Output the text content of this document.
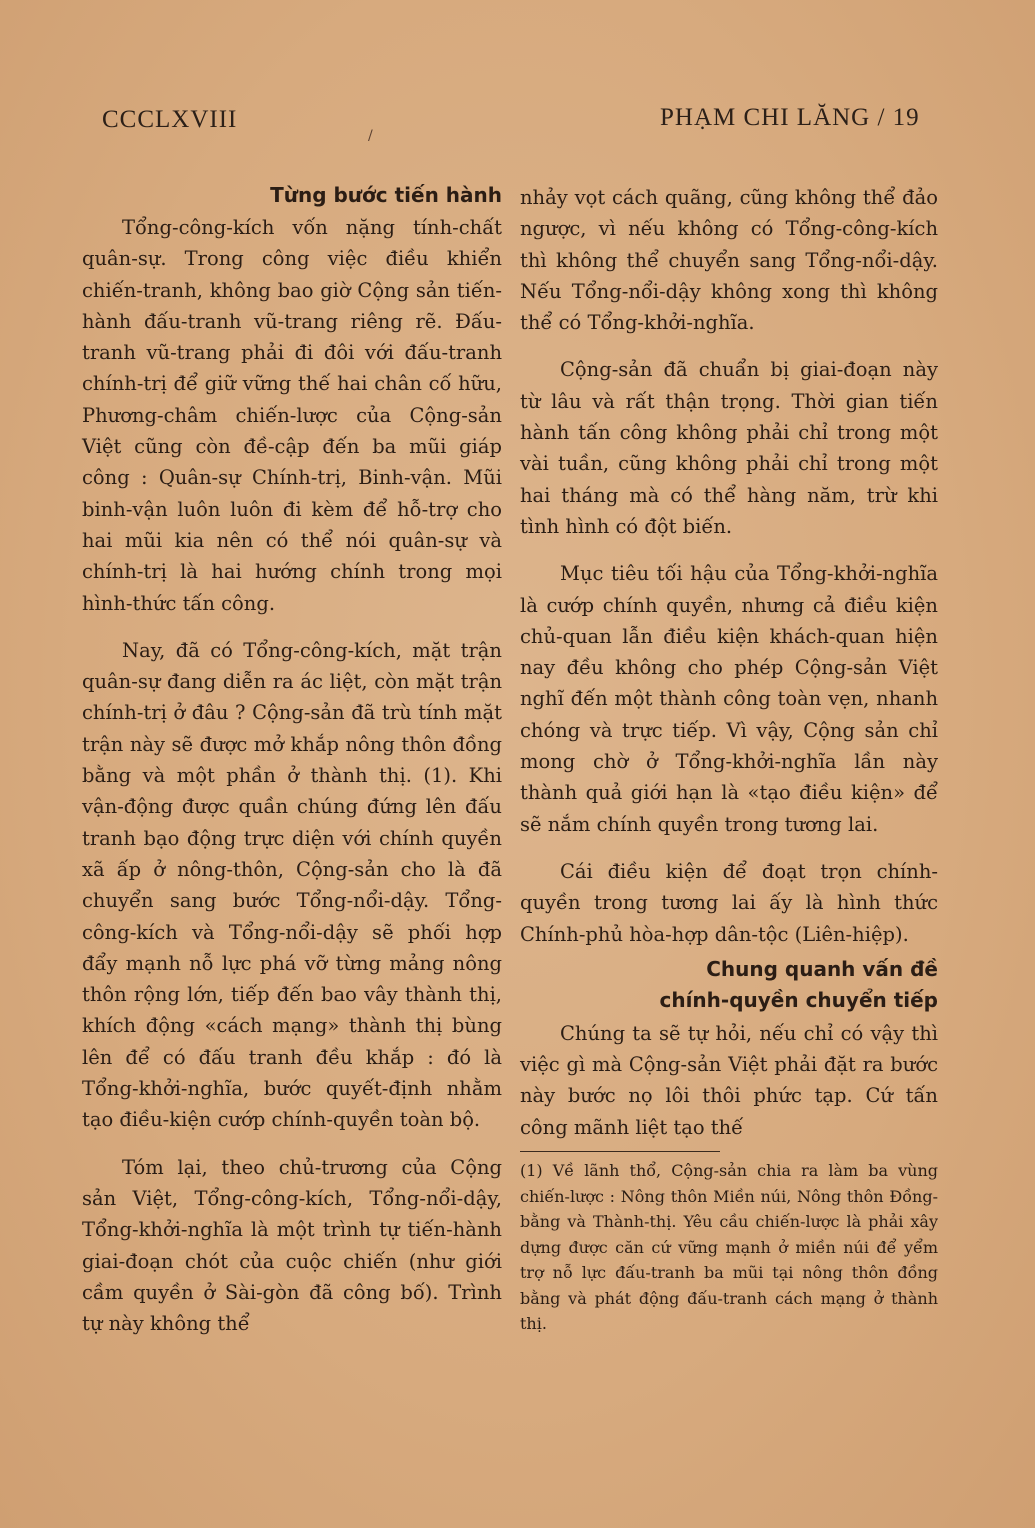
CCCLXVIII	PHẠM CHI LĂNG / 19
Từng bước tiến hành

Tổng-công-kích vốn nặng tính-chất quân-sự. Trong công việc điều khiển chiến-tranh, không bao giờ Cộng sản tiến-hành đấu-tranh vũ-trang riêng rẽ. Đấu-tranh vũ-trang phải đi đôi với đấu-tranh chính-trị để giữ vững thế hai chân cố hữu, Phương-châm chiến-lược của Cộng-sản Việt cũng còn đề-cập đến ba mũi giáp công : Quân-sự Chính-trị, Binh-vận. Mũi binh-vận luôn luôn đi kèm để hỗ-trợ cho hai mũi kia nên có thể nói quân-sự và chính-trị là hai hướng chính trong mọi hình-thức tấn công.

Nay, đã có Tổng-công-kích, mặt trận quân-sự đang diễn ra ác liệt, còn mặt trận chính-trị ở đâu ? Cộng-sản đã trù tính mặt trận này sẽ được mở khắp nông thôn đồng bằng và một phần ở thành thị. (1). Khi vận-động được quần chúng đứng lên đấu tranh bạo động trực diện với chính quyền xã ấp ở nông-thôn, Cộng-sản cho là đã chuyển sang bước Tổng-nổi-dậy. Tổng-công-kích và Tổng-nổi-dậy sẽ phối hợp đẩy mạnh nỗ lực phá vỡ từng mảng nông thôn rộng lớn, tiếp đến bao vây thành thị, khích động «cách mạng» thành thị bùng lên để có đấu tranh đều khắp : đó là Tổng-khởi-nghĩa, bước quyết-định nhằm tạo điều-kiện cướp chính-quyền toàn bộ.

Tóm lại, theo chủ-trương của Cộng sản Việt, Tổng-công-kích, Tổng-nổi-dậy, Tổng-khởi-nghĩa là một trình tự tiến-hành giai-đoạn chót của cuộc chiến (như giới cầm quyền ở Sài-gòn đã công bố). Trình tự này không thể

nhảy vọt cách quãng, cũng không thể đảo ngược, vì nếu không có Tổng-công-kích thì không thể chuyển sang Tổng-nổi-dậy. Nếu Tổng-nổi-dậy không xong thì không thể có Tổng-khởi-nghĩa.

Cộng-sản đã chuẩn bị giai-đoạn này từ lâu và rất thận trọng. Thời gian tiến hành tấn công không phải chỉ trong một vài tuần, cũng không phải chỉ trong một hai tháng mà có thể hàng năm, trừ khi tình hình có đột biến.

Mục tiêu tối hậu của Tổng-khởi-nghĩa là cướp chính quyền, nhưng cả điều kiện chủ-quan lẫn điều kiện khách-quan hiện nay đều không cho phép Cộng-sản Việt nghĩ đến một thành công toàn vẹn, nhanh chóng và trực tiếp. Vì vậy, Cộng sản chỉ mong chờ ở Tổng-khởi-nghĩa lần này thành quả giới hạn là «tạo điều kiện» để sẽ nắm chính quyền trong tương lai.

Cái điều kiện để đoạt trọn chính-quyền trong tương lai ấy là hình thức Chính-phủ hòa-hợp dân-tộc (Liên-hiệp).

Chung quanh vấn đề
chính-quyền chuyển tiếp

Chúng ta sẽ tự hỏi, nếu chỉ có vậy thì việc gì mà Cộng-sản Việt phải đặt ra bước này bước nọ lôi thôi phức tạp. Cứ tấn công mãnh liệt tạo thế

(1) Về lãnh thổ, Cộng-sản chia ra làm ba vùng chiến-lược : Nông thôn Miền núi, Nông thôn Đồng-bằng và Thành-thị. Yêu cầu chiến-lược là phải xây dựng được căn cứ vững mạnh ở miền núi để yểm trợ nỗ lực đấu-tranh ba mũi tại nông thôn đồng bằng và phát động đấu-tranh cách mạng ở thành thị.

/
